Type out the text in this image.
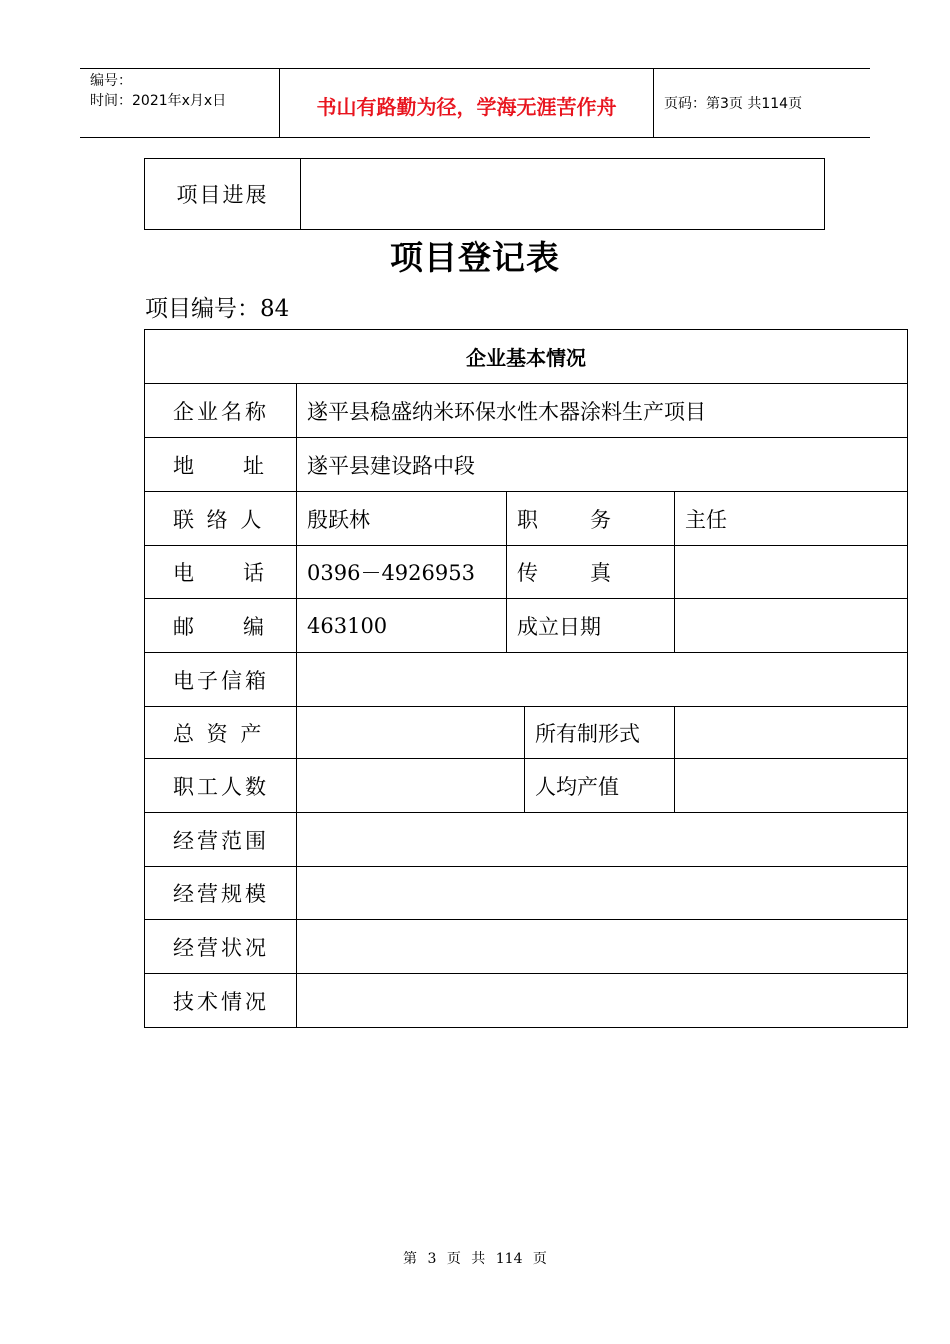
编号：
时间：2021年x月x日	书山有路勤为径，学海无涯苦作舟	页码：第3页 共114页
项目进展
项目登记表
项目编号：84
企业基本情况				
企业名称	遂平县稳盛纳米环保水性木器涂料生产项目			

地 址	遂平县建设路中段			
联 络 人	殷跃林	职 务		主任

电 话	0396－4926953	传 真		

邮 编	463100	成立日期		
电子信箱				
总 资 产			所有制形式	
职工人数			人均产值	
经营范围				
经营规模				
经营状况				
技术情况				
第 3 页 共 114 页
